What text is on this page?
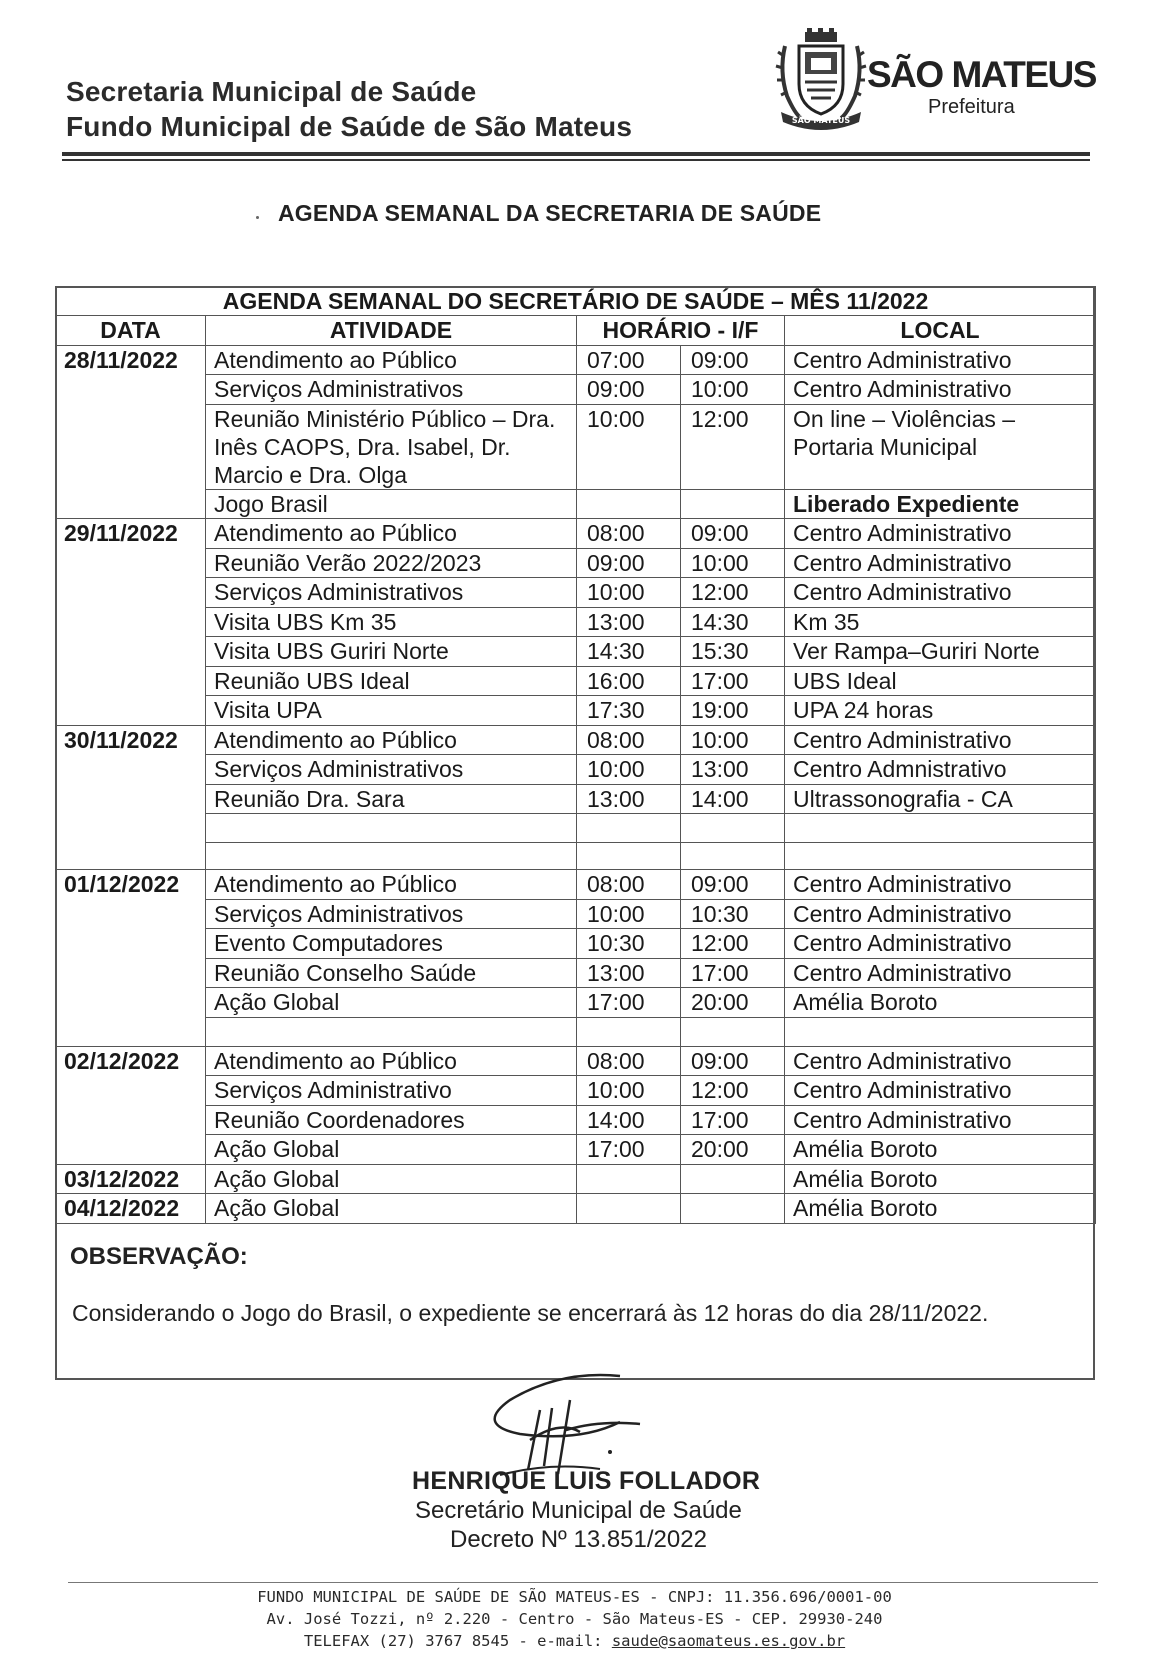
Secretaria Municipal de Saúde
Fundo Municipal de Saúde de São Mateus	SÃO MATEUS
SÃO MATEUS
Prefeitura
AGENDA SEMANAL DA SECRETARIA DE SAÚDE
AGENDA SEMANAL DO SECRETÁRIO DE SAÚDE – MÊS 11/2022				
DATA	ATIVIDADE	HORÁRIO - I/F		LOCAL
28/11/2022	Atendimento ao Público	07:00	09:00	Centro Administrativo
	Serviços Administrativos	09:00	10:00	Centro Administrativo
	Reunião Ministério Público – Dra. Inês CAOPS, Dra. Isabel, Dr. Marcio e Dra. Olga	10:00	12:00	On line – Violências – Portaria Municipal
	Jogo Brasil			Liberado Expediente
29/11/2022	Atendimento ao Público	08:00	09:00	Centro Administrativo
	Reunião Verão 2022/2023	09:00	10:00	Centro Administrativo
	Serviços Administrativos	10:00	12:00	Centro Administrativo
	Visita UBS Km 35	13:00	14:30	Km 35
	Visita UBS Guriri Norte	14:30	15:30	Ver Rampa–Guriri Norte
	Reunião UBS Ideal	16:00	17:00	UBS Ideal
	Visita UPA	17:30	19:00	UPA 24 horas
30/11/2022	Atendimento ao Público	08:00	10:00	Centro Administrativo
	Serviços Administrativos	10:00	13:00	Centro Admnistrativo
	Reunião Dra. Sara	13:00	14:00	Ultrassonografia - CA

01/12/2022	Atendimento ao Público	08:00	09:00	Centro Administrativo
	Serviços Administrativos	10:00	10:30	Centro Administrativo
	Evento Computadores	10:30	12:00	Centro Administrativo
	Reunião Conselho Saúde	13:00	17:00	Centro Administrativo
	Ação Global	17:00	20:00	Amélia Boroto

02/12/2022	Atendimento ao Público	08:00	09:00	Centro Administrativo
	Serviços Administrativo	10:00	12:00	Centro Administrativo
	Reunião Coordenadores	14:00	17:00	Centro Administrativo
	Ação Global	17:00	20:00	Amélia Boroto
03/12/2022	Ação Global			Amélia Boroto
04/12/2022	Ação Global			Amélia Boroto
OBSERVAÇÃO:
Considerando o Jogo do Brasil, o expediente se encerrará às 12 horas do dia 28/11/2022.
HENRIQUE LUIS FOLLADOR
Secretário Municipal de Saúde
Decreto Nº 13.851/2022
FUNDO MUNICIPAL DE SAÚDE DE SÃO MATEUS-ES - CNPJ: 11.356.696/0001-00
Av. José Tozzi, nº 2.220 - Centro - São Mateus-ES - CEP. 29930-240
TELEFAX (27) 3767 8545 - e-mail: saude@saomateus.es.gov.br
